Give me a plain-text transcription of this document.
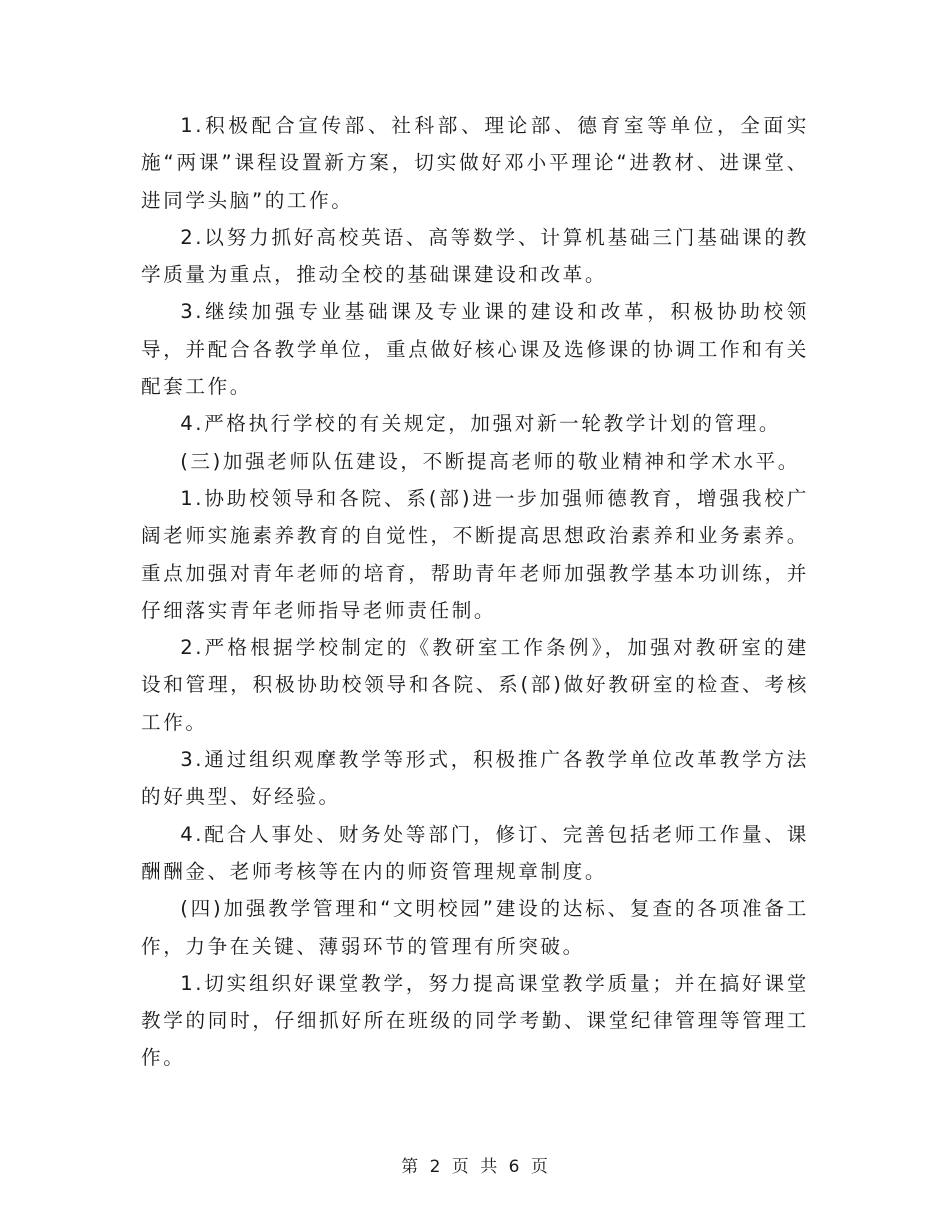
1.积极配合宣传部、社科部、理论部、德育室等单位，全面实施“两课”课程设置新方案，切实做好邓小平理论“进教材、进课堂、进同学头脑”的工作。

2.以努力抓好高校英语、高等数学、计算机基础三门基础课的教学质量为重点，推动全校的基础课建设和改革。

3.继续加强专业基础课及专业课的建设和改革，积极协助校领导，并配合各教学单位，重点做好核心课及选修课的协调工作和有关配套工作。

4.严格执行学校的有关规定，加强对新一轮教学计划的管理。

(三)加强老师队伍建设，不断提高老师的敬业精神和学术水平。

1.协助校领导和各院、系(部)进一步加强师德教育，增强我校广阔老师实施素养教育的自觉性，不断提高思想政治素养和业务素养。重点加强对青年老师的培育，帮助青年老师加强教学基本功训练，并仔细落实青年老师指导老师责任制。

2.严格根据学校制定的《教研室工作条例》，加强对教研室的建设和管理，积极协助校领导和各院、系(部)做好教研室的检查、考核工作。

3.通过组织观摩教学等形式，积极推广各教学单位改革教学方法的好典型、好经验。

4.配合人事处、财务处等部门，修订、完善包括老师工作量、课酬酬金、老师考核等在内的师资管理规章制度。

(四)加强教学管理和“文明校园”建设的达标、复查的各项准备工作，力争在关键、薄弱环节的管理有所突破。

1.切实组织好课堂教学，努力提高课堂教学质量；并在搞好课堂教学的同时，仔细抓好所在班级的同学考勤、课堂纪律管理等管理工作。

第 2 页 共 6 页
